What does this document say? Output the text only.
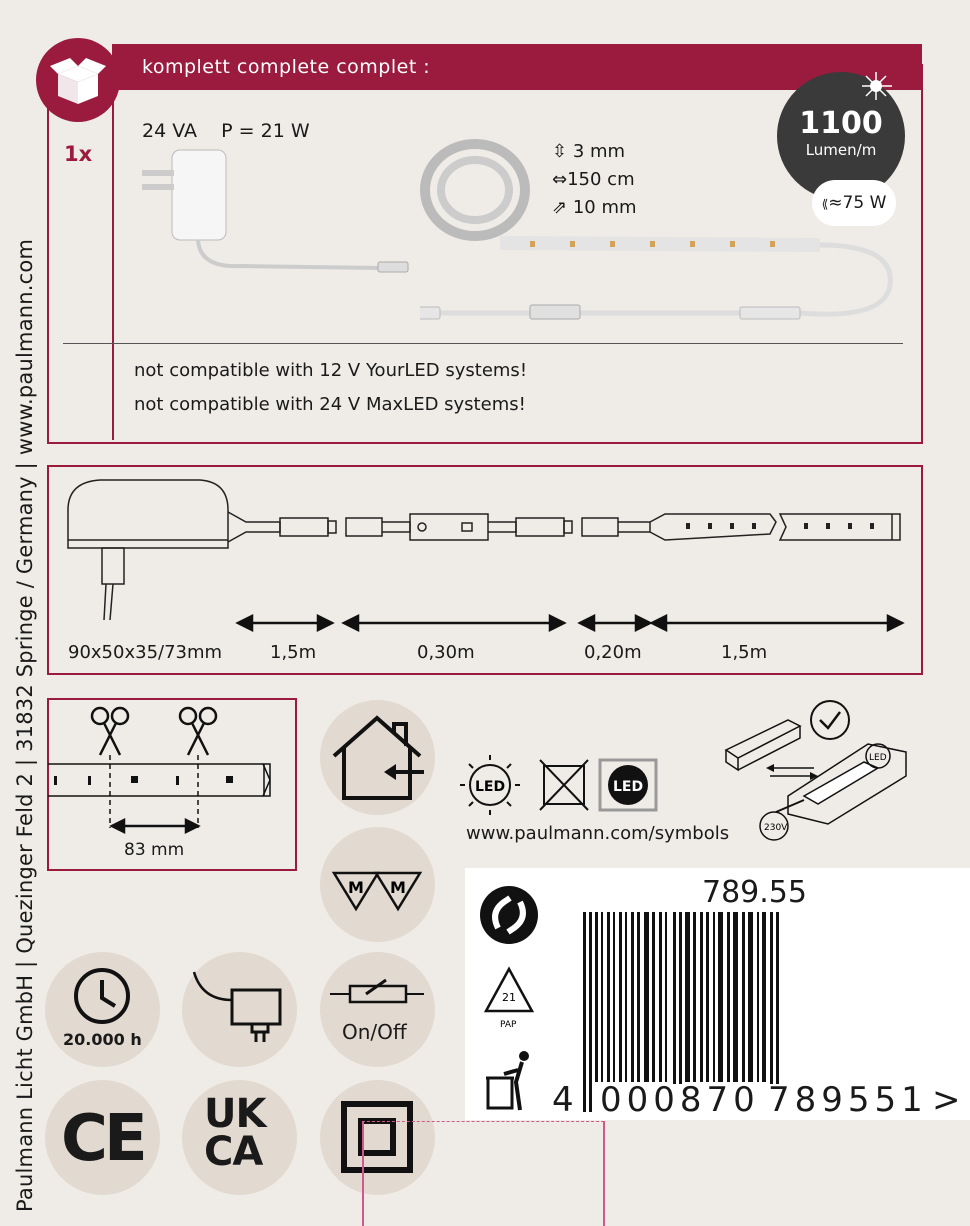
Paulmann Licht GmbH | Quezinger Feld 2 | 31832 Springe / Germany | www.paulmann.com
komplett complete complet :
1x
24 VA    P = 21 W
⇳ 3 mm
⇔150 cm
⇗ 10 mm
1100
Lumen/m
⟪≈75 W
not compatible with 12 V YourLED systems!
not compatible with 24 V MaxLED systems!
90x50x35/73mm	1,5m	0,30m	0,20m	1,5m
83 mm
M M
20.000 h	On/Off
CE UK
CA
LED	LED
www.paulmann.com/symbols
LED
230V
21
PAP
789.55
4 000870 789551 >
